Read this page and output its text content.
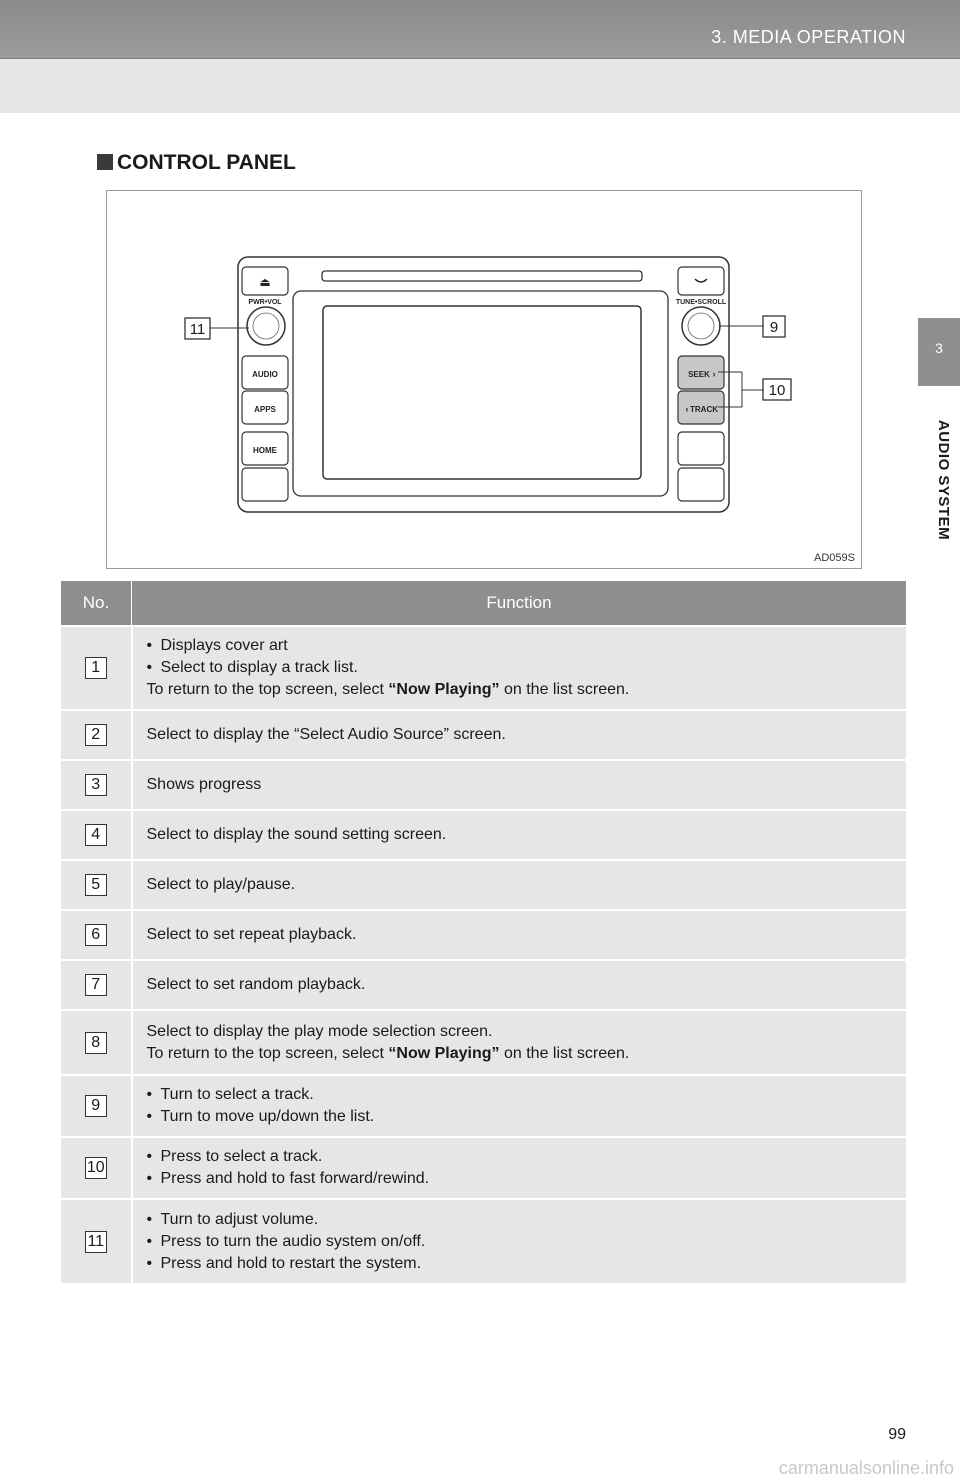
3. MEDIA OPERATION
3
AUDIO SYSTEM
CONTROL PANEL
⏏
PWR•VOL
AUDIO
APPS
HOME
TUNE•SCROLL
SEEK ›
‹ TRACK
11	9
10
AD059S
No.	Function
1	• Displays cover art
• Select to display a track list.
To return to the top screen, select “Now Playing” on the list screen.

2	Select to display the “Select Audio Source” screen.

3	Shows progress

4	Select to display the sound setting screen.

5	Select to play/pause.

6	Select to set repeat playback.

7	Select to set random playback.

8	Select to display the play mode selection screen.
To return to the top screen, select “Now Playing” on the list screen.

9	• Turn to select a track.
• Turn to move up/down the list.

10	• Press to select a track.
• Press and hold to fast forward/rewind.

11	• Turn to adjust volume.
• Press to turn the audio system on/off.
• Press and hold to restart the system.
99
carmanualsonline.info
